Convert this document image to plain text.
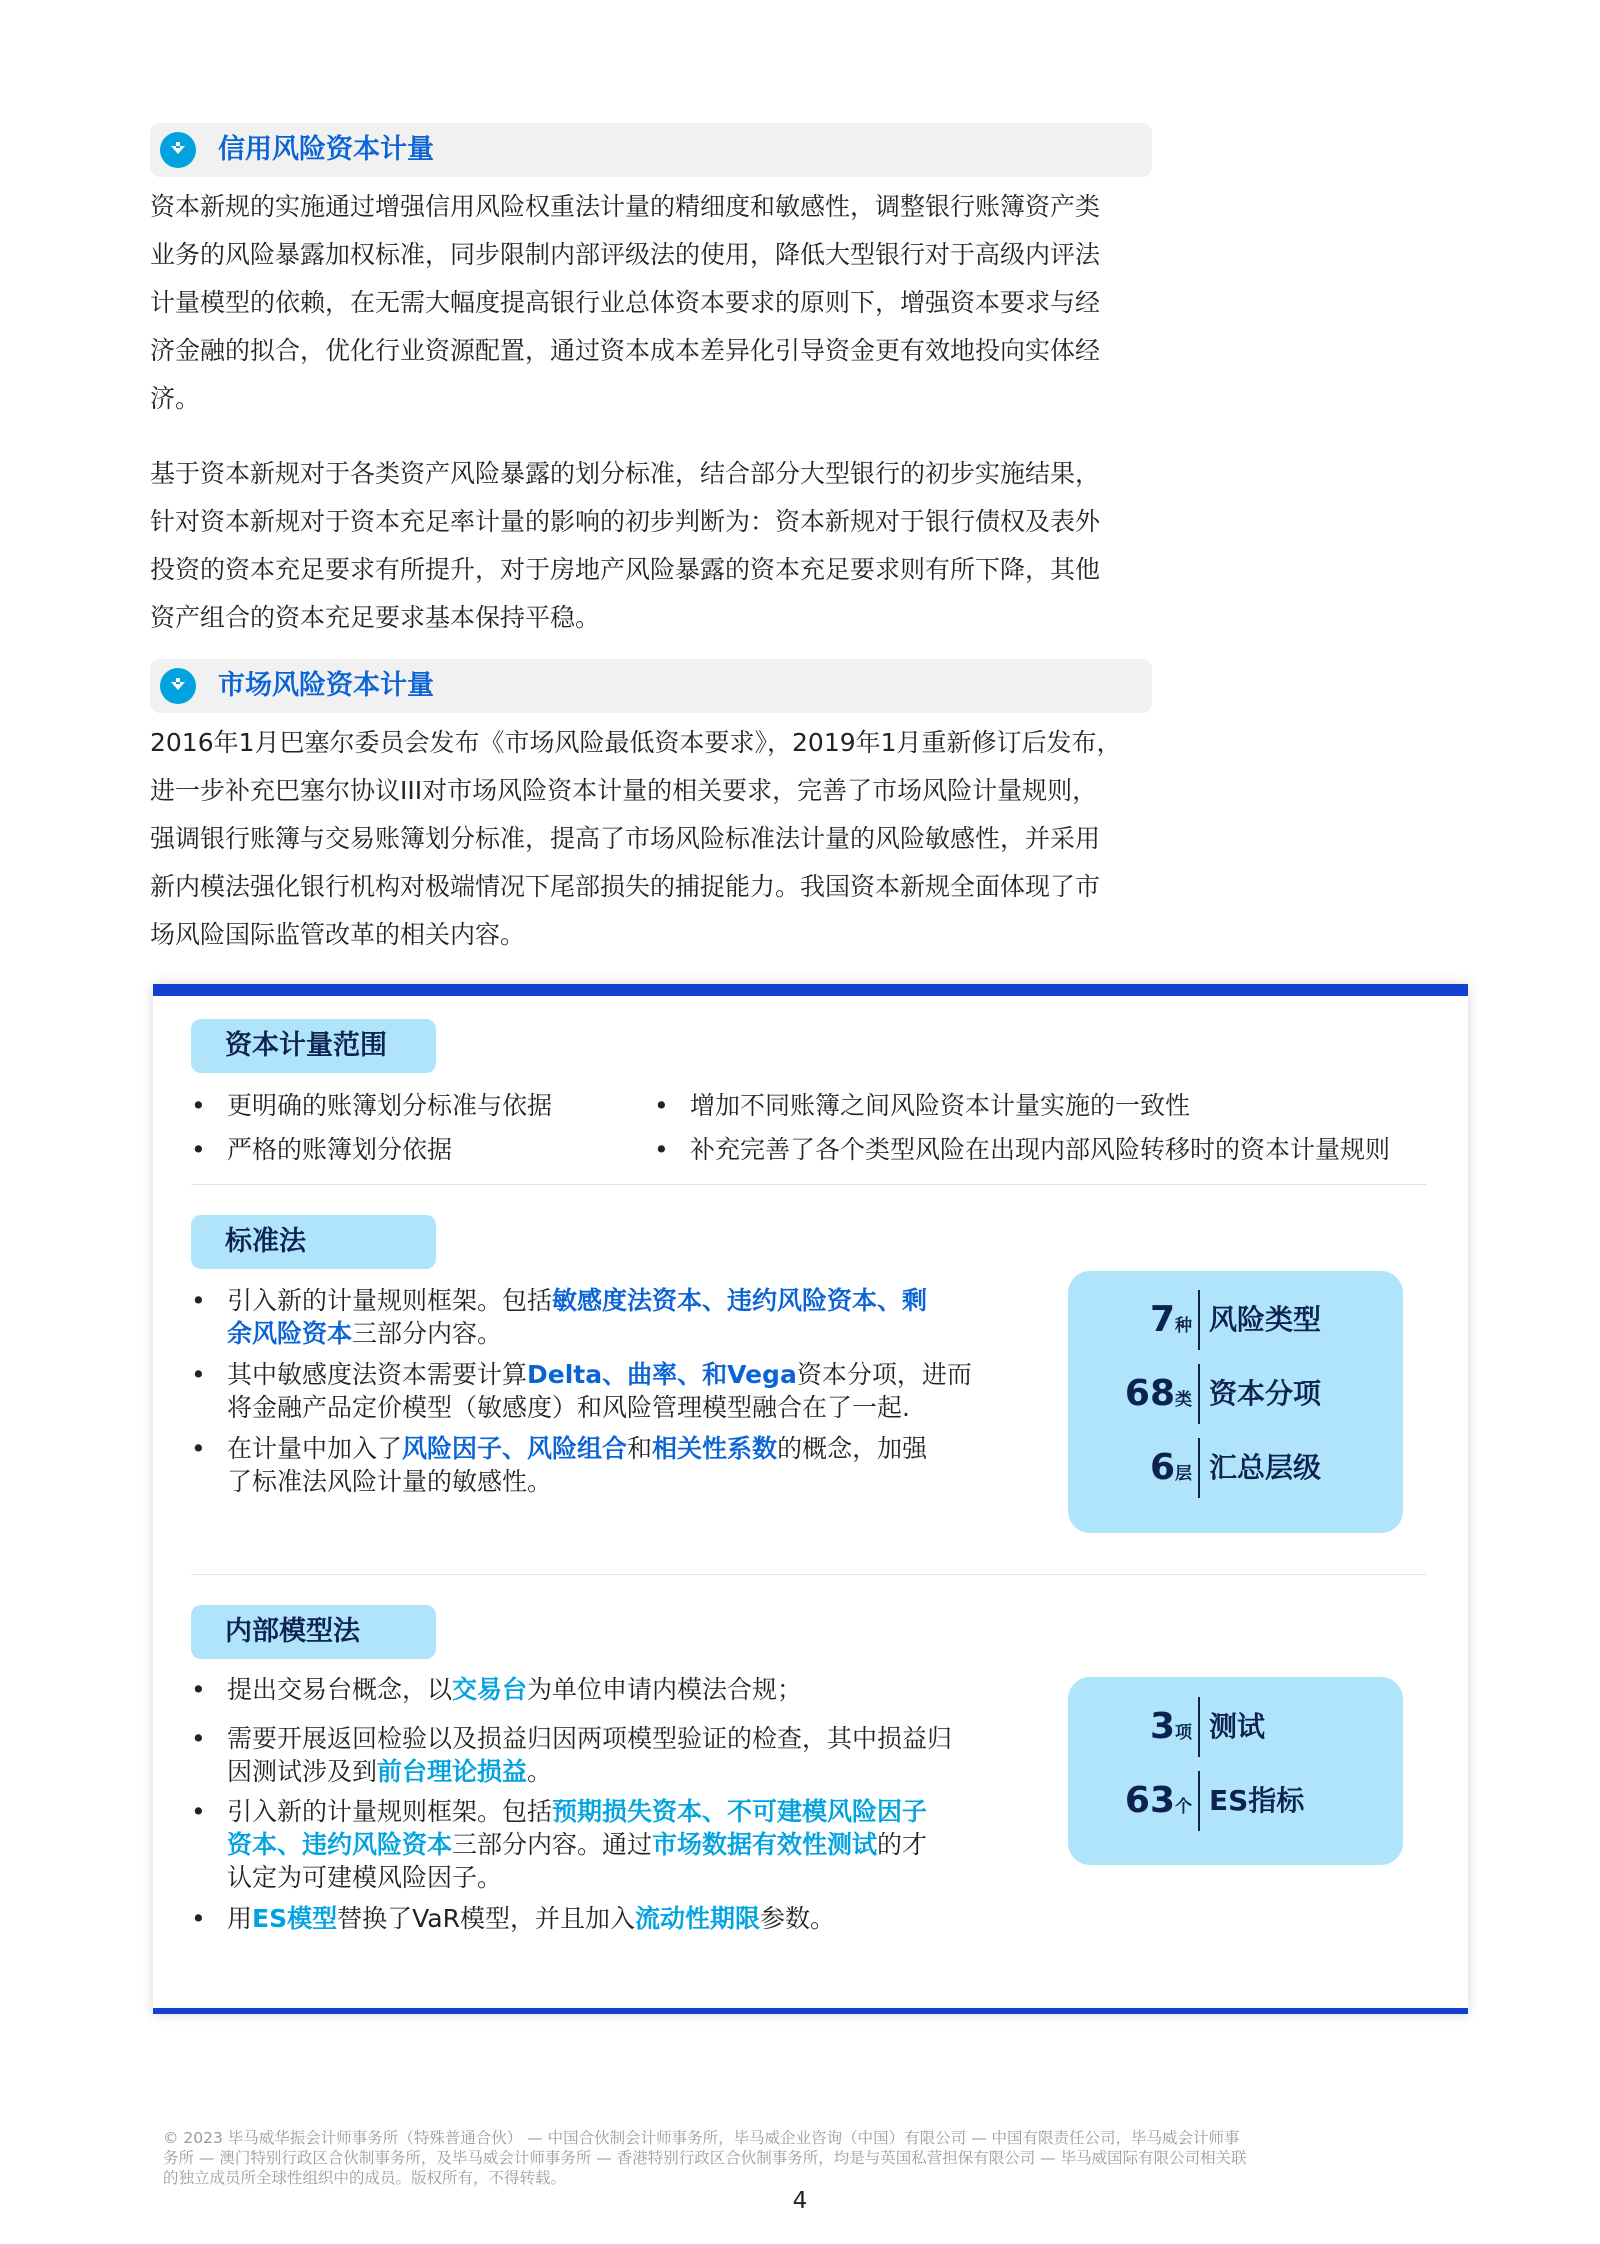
信用风险资本计量

资本新规的实施通过增强信用风险权重法计量的精细度和敏感性，调整银行账簿资产类
业务的风险暴露加权标准，同步限制内部评级法的使用，降低大型银行对于高级内评法
计量模型的依赖，在无需大幅度提高银行业总体资本要求的原则下，增强资本要求与经
济金融的拟合，优化行业资源配置，通过资本成本差异化引导资金更有效地投向实体经
济。

基于资本新规对于各类资产风险暴露的划分标准，结合部分大型银行的初步实施结果，
针对资本新规对于资本充足率计量的影响的初步判断为：资本新规对于银行债权及表外
投资的资本充足要求有所提升，对于房地产风险暴露的资本充足要求则有所下降，其他
资产组合的资本充足要求基本保持平稳。

市场风险资本计量

2016年1月巴塞尔委员会发布《市场风险最低资本要求》，2019年1月重新修订后发布，
进一步补充巴塞尔协议III对市场风险资本计量的相关要求，完善了市场风险计量规则，
强调银行账簿与交易账簿划分标准，提高了市场风险标准法计量的风险敏感性，并采用
新内模法强化银行机构对极端情况下尾部损失的捕捉能力。我国资本新规全面体现了市
场风险国际监管改革的相关内容。

资本计量范围
• 更明确的账簿划分标准与依据
• 严格的账簿划分依据
• 增加不同账簿之间风险资本计量实施的一致性
• 补充完善了各个类型风险在出现内部风险转移时的资本计量规则
标准法
• 引入新的计量规则框架。包括敏感度法资本、违约风险资本、剩
余风险资本三部分内容。
• 其中敏感度法资本需要计算Delta、曲率、和Vega资本分项，进而
将金融产品定价模型（敏感度）和风险管理模型融合在了一起.
• 在计量中加入了风险因子、风险组合和相关性系数的概念，加强
了标准法风险计量的敏感性。
7种 风险类型
68类 资本分项
6层 汇总层级
内部模型法
• 提出交易台概念，以交易台为单位申请内模法合规；
• 需要开展返回检验以及损益归因两项模型验证的检查，其中损益归
因测试涉及到前台理论损益。
• 引入新的计量规则框架。包括预期损失资本、不可建模风险因子
资本、违约风险资本三部分内容。通过市场数据有效性测试的才
认定为可建模风险因子。
• 用ES模型替换了VaR模型，并且加入流动性期限参数。
3项 测试
63个 ES指标

© 2023 毕马威华振会计师事务所（特殊普通合伙） — 中国合伙制会计师事务所，毕马威企业咨询（中国）有限公司 — 中国有限责任公司，毕马威会计师事
务所 — 澳门特别行政区合伙制事务所，及毕马威会计师事务所 — 香港特别行政区合伙制事务所，均是与英国私营担保有限公司 — 毕马威国际有限公司相关联
的独立成员所全球性组织中的成员。版权所有，不得转载。

4
